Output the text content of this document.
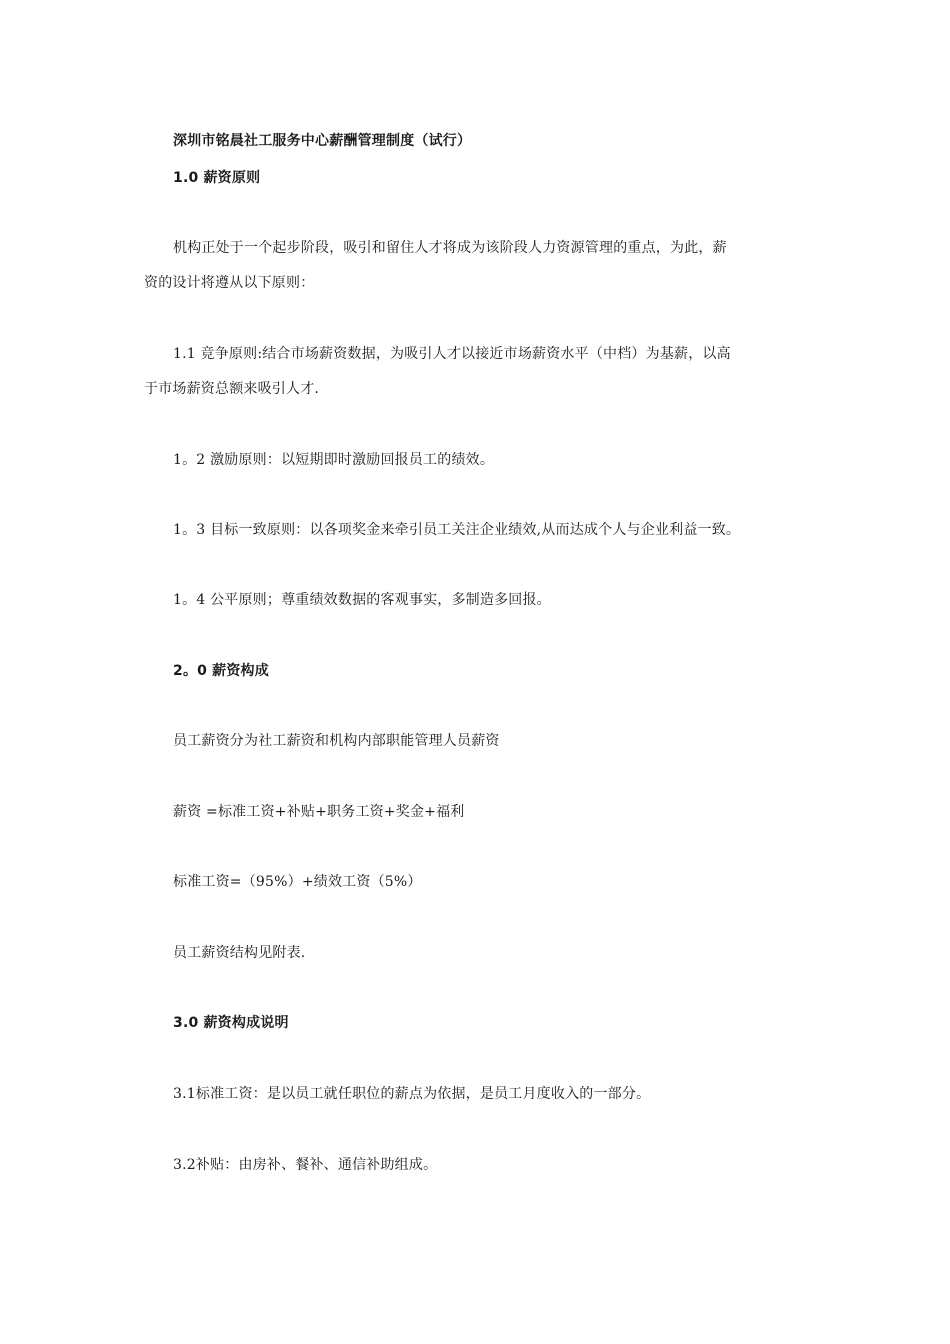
深圳市铭晨社工服务中心薪酬管理制度（试行）
1.0 薪资原则
机构正处于一个起步阶段，吸引和留住人才将成为该阶段人力资源管理的重点，为此，薪
资的设计将遵从以下原则：
1.1 竞争原则:结合市场薪资数据，为吸引人才以接近市场薪资水平（中档）为基薪，以高
于市场薪资总额来吸引人才.
1。2 激励原则：以短期即时激励回报员工的绩效。
1。3 目标一致原则：以各项奖金来牵引员工关注企业绩效,从而达成个人与企业利益一致。
1。4 公平原则；尊重绩效数据的客观事实，多制造多回报。
2。0 薪资构成
员工薪资分为社工薪资和机构内部职能管理人员薪资
薪资 =标准工资+补贴+职务工资+奖金+福利
标准工资=（95%）+绩效工资（5%）
员工薪资结构见附表.
3.0 薪资构成说明
3.1标准工资：是以员工就任职位的薪点为依据，是员工月度收入的一部分。
3.2补贴：由房补、餐补、通信补助组成。
